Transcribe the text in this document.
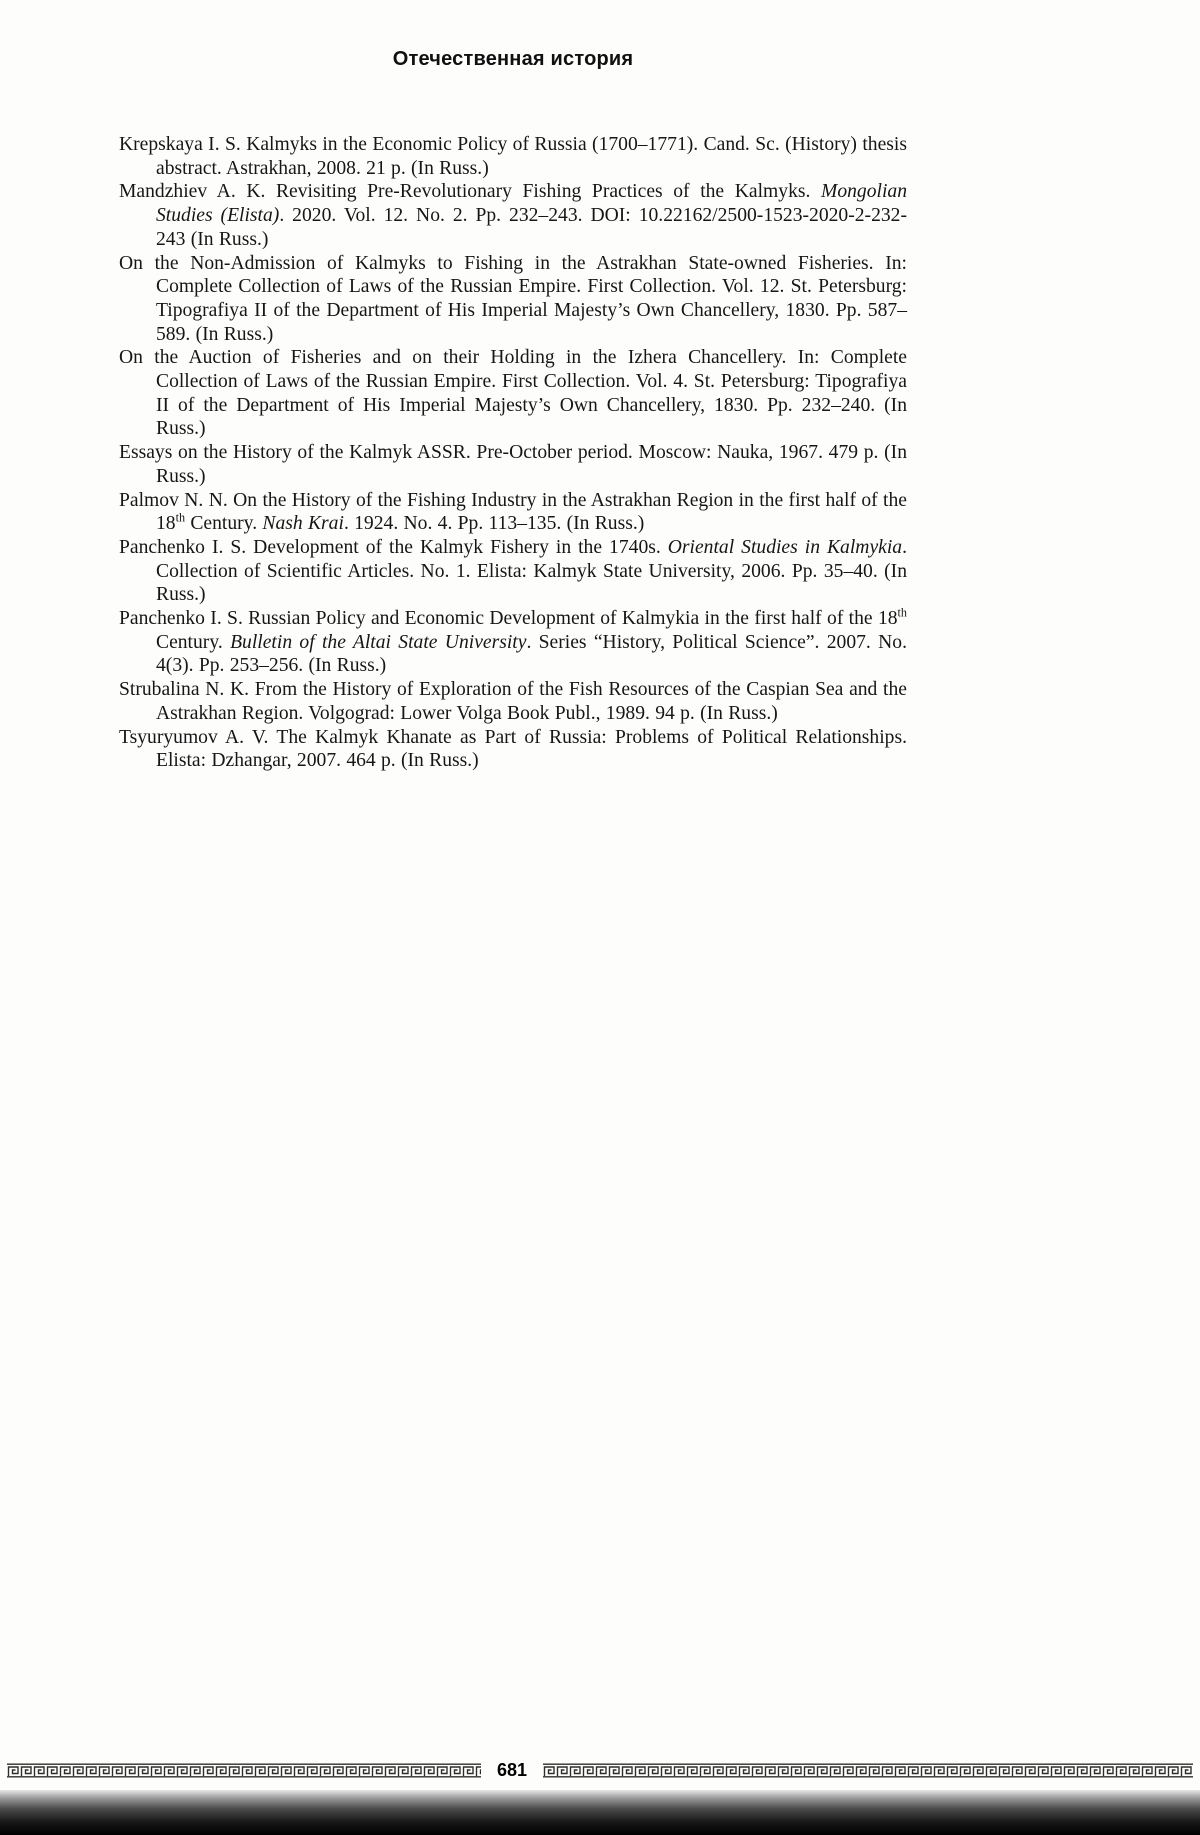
Отечественная история

Krepskaya I. S. Kalmyks in the Economic Policy of Russia (1700–1771). Cand. Sc. (History) thesis abstract. Astrakhan, 2008. 21 p. (In Russ.)

Mandzhiev A. K. Revisiting Pre-Revolutionary Fishing Practices of the Kalmyks. Mongolian Studies (Elista). 2020. Vol. 12. No. 2. Pp. 232–243. DOI: 10.22162/2500-1523-2020-2-232-243 (In Russ.)

On the Non-Admission of Kalmyks to Fishing in the Astrakhan State-owned Fisheries. In: Complete Collection of Laws of the Russian Empire. First Collection. Vol. 12. St. Petersburg: Tipografiya II of the Department of His Imperial Majesty’s Own Chancellery, 1830. Pp. 587–589. (In Russ.)

On the Auction of Fisheries and on their Holding in the Izhera Chancellery. In: Complete Collection of Laws of the Russian Empire. First Collection. Vol. 4. St. Petersburg: Tipografiya II of the Department of His Imperial Majesty’s Own Chancellery, 1830. Pp. 232–240. (In Russ.)

Essays on the History of the Kalmyk ASSR. Pre-October period. Moscow: Nauka, 1967. 479 p. (In Russ.)

Palmov N. N. On the History of the Fishing Industry in the Astrakhan Region in the first half of the 18th Century. Nash Krai. 1924. No. 4. Pp. 113–135. (In Russ.)

Panchenko I. S. Development of the Kalmyk Fishery in the 1740s. Oriental Studies in Kalmykia. Collection of Scientific Articles. No. 1. Elista: Kalmyk State University, 2006. Pp. 35–40. (In Russ.)

Panchenko I. S. Russian Policy and Economic Development of Kalmykia in the first half of the 18th Century. Bulletin of the Altai State University. Series “History, Political Science”. 2007. No. 4(3). Pp. 253–256. (In Russ.)

Strubalina N. K. From the History of Exploration of the Fish Resources of the Caspian Sea and the Astrakhan Region. Volgograd: Lower Volga Book Publ., 1989. 94 p. (In Russ.)

Tsyuryumov A. V. The Kalmyk Khanate as Part of Russia: Problems of Political Relationships. Elista: Dzhangar, 2007. 464 p. (In Russ.)

681
